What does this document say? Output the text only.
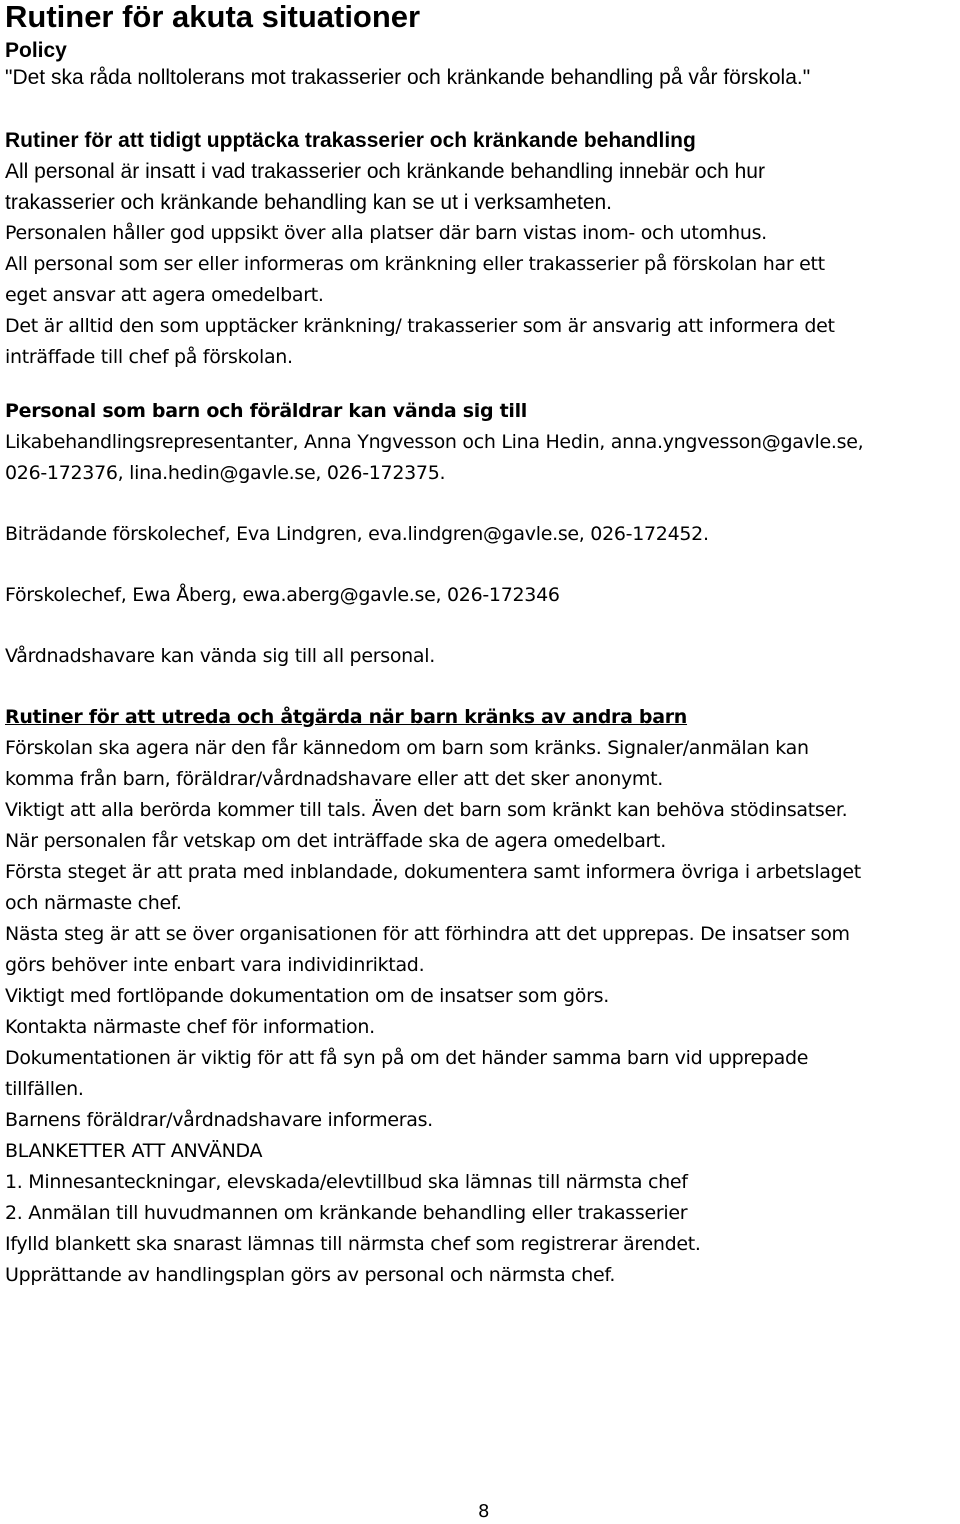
Rutiner för akuta situationer
Policy
"Det ska råda nolltolerans mot trakasserier och kränkande behandling på vår förskola."
Rutiner för att tidigt upptäcka trakasserier och kränkande behandling
All personal är insatt i vad trakasserier och kränkande behandling innebär och hur
trakasserier och kränkande behandling kan se ut i verksamheten.
Personalen håller god uppsikt över alla platser där barn vistas inom- och utomhus.
All personal som ser eller informeras om kränkning eller trakasserier på förskolan har ett
eget ansvar att agera omedelbart.
Det är alltid den som upptäcker kränkning/ trakasserier som är ansvarig att informera det
inträffade till chef på förskolan.
Personal som barn och föräldrar kan vända sig till
Likabehandlingsrepresentanter, Anna Yngvesson och Lina Hedin, anna.yngvesson@gavle.se,
026-172376, lina.hedin@gavle.se, 026-172375.
Biträdande förskolechef, Eva Lindgren, eva.lindgren@gavle.se, 026-172452.
Förskolechef, Ewa Åberg, ewa.aberg@gavle.se, 026-172346
Vårdnadshavare kan vända sig till all personal.
Rutiner för att utreda och åtgärda när barn kränks av andra barn
Förskolan ska agera när den får kännedom om barn som kränks. Signaler/anmälan kan
komma från barn, föräldrar/vårdnadshavare eller att det sker anonymt.
Viktigt att alla berörda kommer till tals. Även det barn som kränkt kan behöva stödinsatser.
När personalen får vetskap om det inträffade ska de agera omedelbart.
Första steget är att prata med inblandade, dokumentera samt informera övriga i arbetslaget
och närmaste chef.
Nästa steg är att se över organisationen för att förhindra att det upprepas. De insatser som
görs behöver inte enbart vara individinriktad.
Viktigt med fortlöpande dokumentation om de insatser som görs.
Kontakta närmaste chef för information.
Dokumentationen är viktig för att få syn på om det händer samma barn vid upprepade
tillfällen.
Barnens föräldrar/vårdnadshavare informeras.
BLANKETTER ATT ANVÄNDA
1. Minnesanteckningar, elevskada/elevtillbud ska lämnas till närmsta chef
2. Anmälan till huvudmannen om kränkande behandling eller trakasserier
Ifylld blankett ska snarast lämnas till närmsta chef som registrerar ärendet.
Upprättande av handlingsplan görs av personal och närmsta chef.
8
